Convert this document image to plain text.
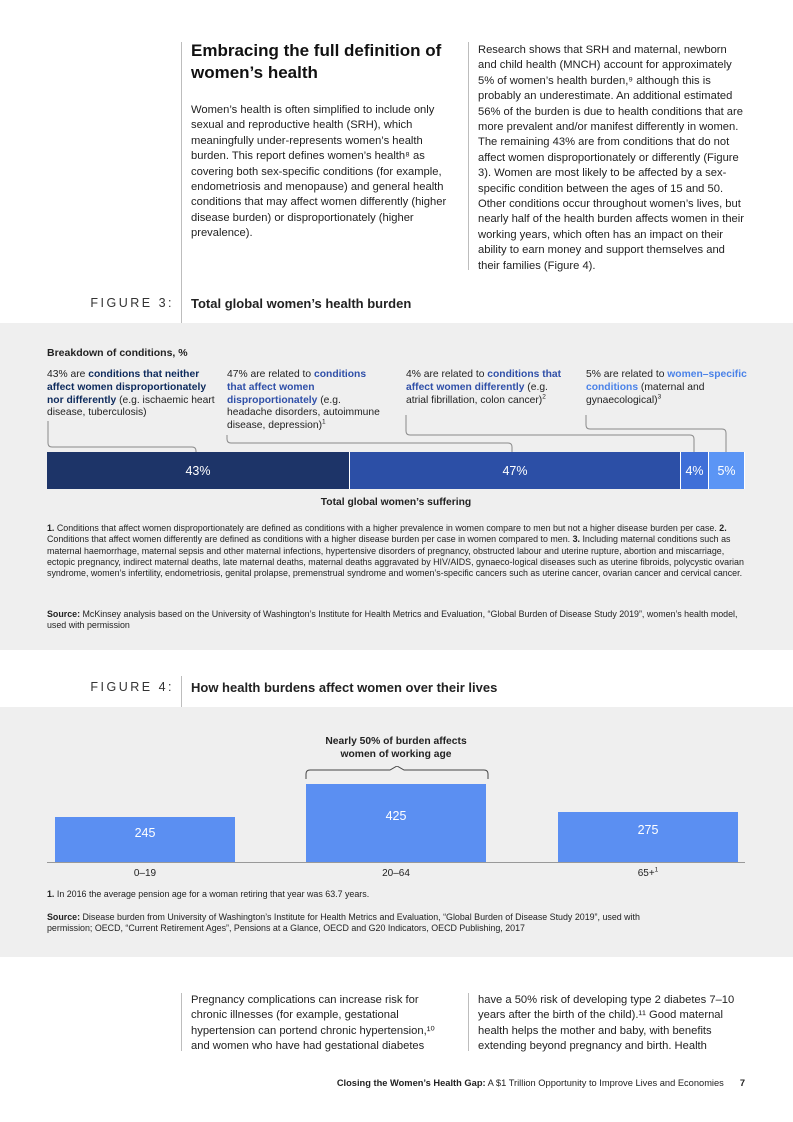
Embracing the full definition of women’s health

Women’s health is often simplified to include only sexual and reproductive health (SRH), which meaningfully under-represents women’s health burden. This report defines women’s health⁸ as covering both sex-specific conditions (for example, endometriosis and menopause) and general health conditions that may affect women differently (higher disease burden) or disproportionately (higher prevalence).

Research shows that SRH and maternal, newborn and child health (MNCH) account for approximately 5% of women’s health burden,⁹ although this is probably an underestimate. An additional estimated 56% of the burden is due to health conditions that are more prevalent and/or manifest differently in women. The remaining 43% are from conditions that do not affect women disproportionately or differently (Figure 3). Women are most likely to be affected by a sex-specific condition between the ages of 15 and 50. Other conditions occur throughout women’s lives, but nearly half of the health burden affects women in their working years, which often has an impact on their ability to earn money and support themselves and their families (Figure 4).

FIGURE 3: Total global women’s health burden
Breakdown of conditions, %
43% are conditions that neither affect women disproportionately nor differently (e.g. ischaemic heart disease, tuberculosis)
47% are related to conditions that affect women disproportionately (e.g. headache disorders, autoimmune disease, depression)$^1$
4% are related to conditions that affect women differently (e.g. atrial fibrillation, colon cancer)$^2$
5% are related to women–specific conditions (maternal and gynaecological)$^3$
43%	47%	4% 5%
Total global women’s suffering
1. Conditions that affect women disproportionately are defined as conditions with a higher prevalence in women compare to men but not a higher disease burden per case. 2. Conditions that affect women differently are defined as conditions with a higher disease burden per case in women compared to men. 3. Including maternal conditions such as maternal haemorrhage, maternal sepsis and other maternal infections, hypertensive disorders of pregnancy, obstructed labour and uterine rupture, abortion and miscarriage, ectopic pregnancy, indirect maternal deaths, late maternal deaths, maternal deaths aggravated by HIV/AIDS, gynaeco-logical diseases such as uterine fibroids, polycystic ovarian syndrome, women’s infertility, endometriosis, genital prolapse, premenstrual syndrome and women’s-specific cancers such as uterine cancer, ovarian cancer and cervical cancer.
Source: McKinsey analysis based on the University of Washington’s Institute for Health Metrics and Evaluation, “Global Burden of Disease Study 2019”, women’s health model, used with permission
FIGURE 4: How health burdens affect women over their lives
Nearly 50% of burden affects women of working age
245
0–19
425
20–64
275
65+$^1$
1. In 2016 the average pension age for a woman retiring that year was 63.7 years.
Source: Disease burden from University of Washington’s Institute for Health Metrics and Evaluation, “Global Burden of Disease Study 2019”, used with permission; OECD, “Current Retirement Ages”, Pensions at a Glance, OECD and G20 Indicators, OECD Publishing, 2017

Pregnancy complications can increase risk for chronic illnesses (for example, gestational hypertension can portend chronic hypertension,¹⁰ and women who have had gestational diabetes

have a 50% risk of developing type 2 diabetes 7–10 years after the birth of the child).¹¹ Good maternal health helps the mother and baby, with benefits extending beyond pregnancy and birth. Health

Closing the Women’s Health Gap: A $1 Trillion Opportunity to Improve Lives and Economies 7
